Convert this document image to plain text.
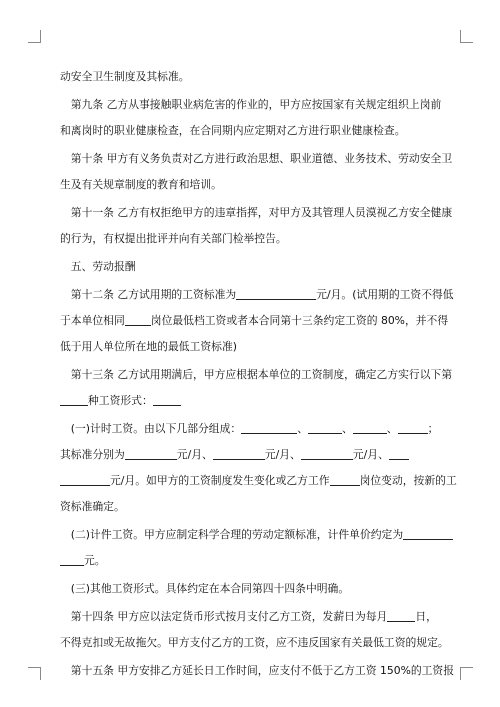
动安全卫生制度及其标准。
　第九条 乙方从事接触职业病危害的作业的，甲方应按国家有关规定组织上岗前
和离岗时的职业健康检查，在合同期内应定期对乙方进行职业健康检查。
　第十条 甲方有义务负责对乙方进行政治思想、职业道德、业务技术、劳动安全卫
生及有关规章制度的教育和培训。
　第十一条 乙方有权拒绝甲方的违章指挥，对甲方及其管理人员漠视乙方安全健康
的行为，有权提出批评并向有关部门检举控告。
　五、劳动报酬
　第十二条 乙方试用期的工资标准为	元/月。(试用期的工资不得低
于本单位相同 岗位最低档工资或者本合同第十三条约定工资的 80%，并不得
低于用人单位所在地的最低工资标准)
　第十三条 乙方试用期满后，甲方应根据本单位的工资制度，确定乙方实行以下第
种工资形式：
　(一)计时工资。由以下几部分组成：	、	、	、	；
其标准分别为	元/月、	元/月、	元/月、
元/月。如甲方的工资制度发生变化或乙方工作	岗位变动，按新的工
资标准确定。
　(二)计件工资。甲方应制定科学合理的劳动定额标准，计件单价约定为
元。
　(三)其他工资形式。具体约定在本合同第四十四条中明确。
　第十四条 甲方应以法定货币形式按月支付乙方工资，发薪日为每月	日，
不得克扣或无故拖欠。甲方支付乙方的工资，应不违反国家有关最低工资的规定。
　第十五条 甲方安排乙方延长日工作时间，应支付不低于乙方工资 150%的工资报
